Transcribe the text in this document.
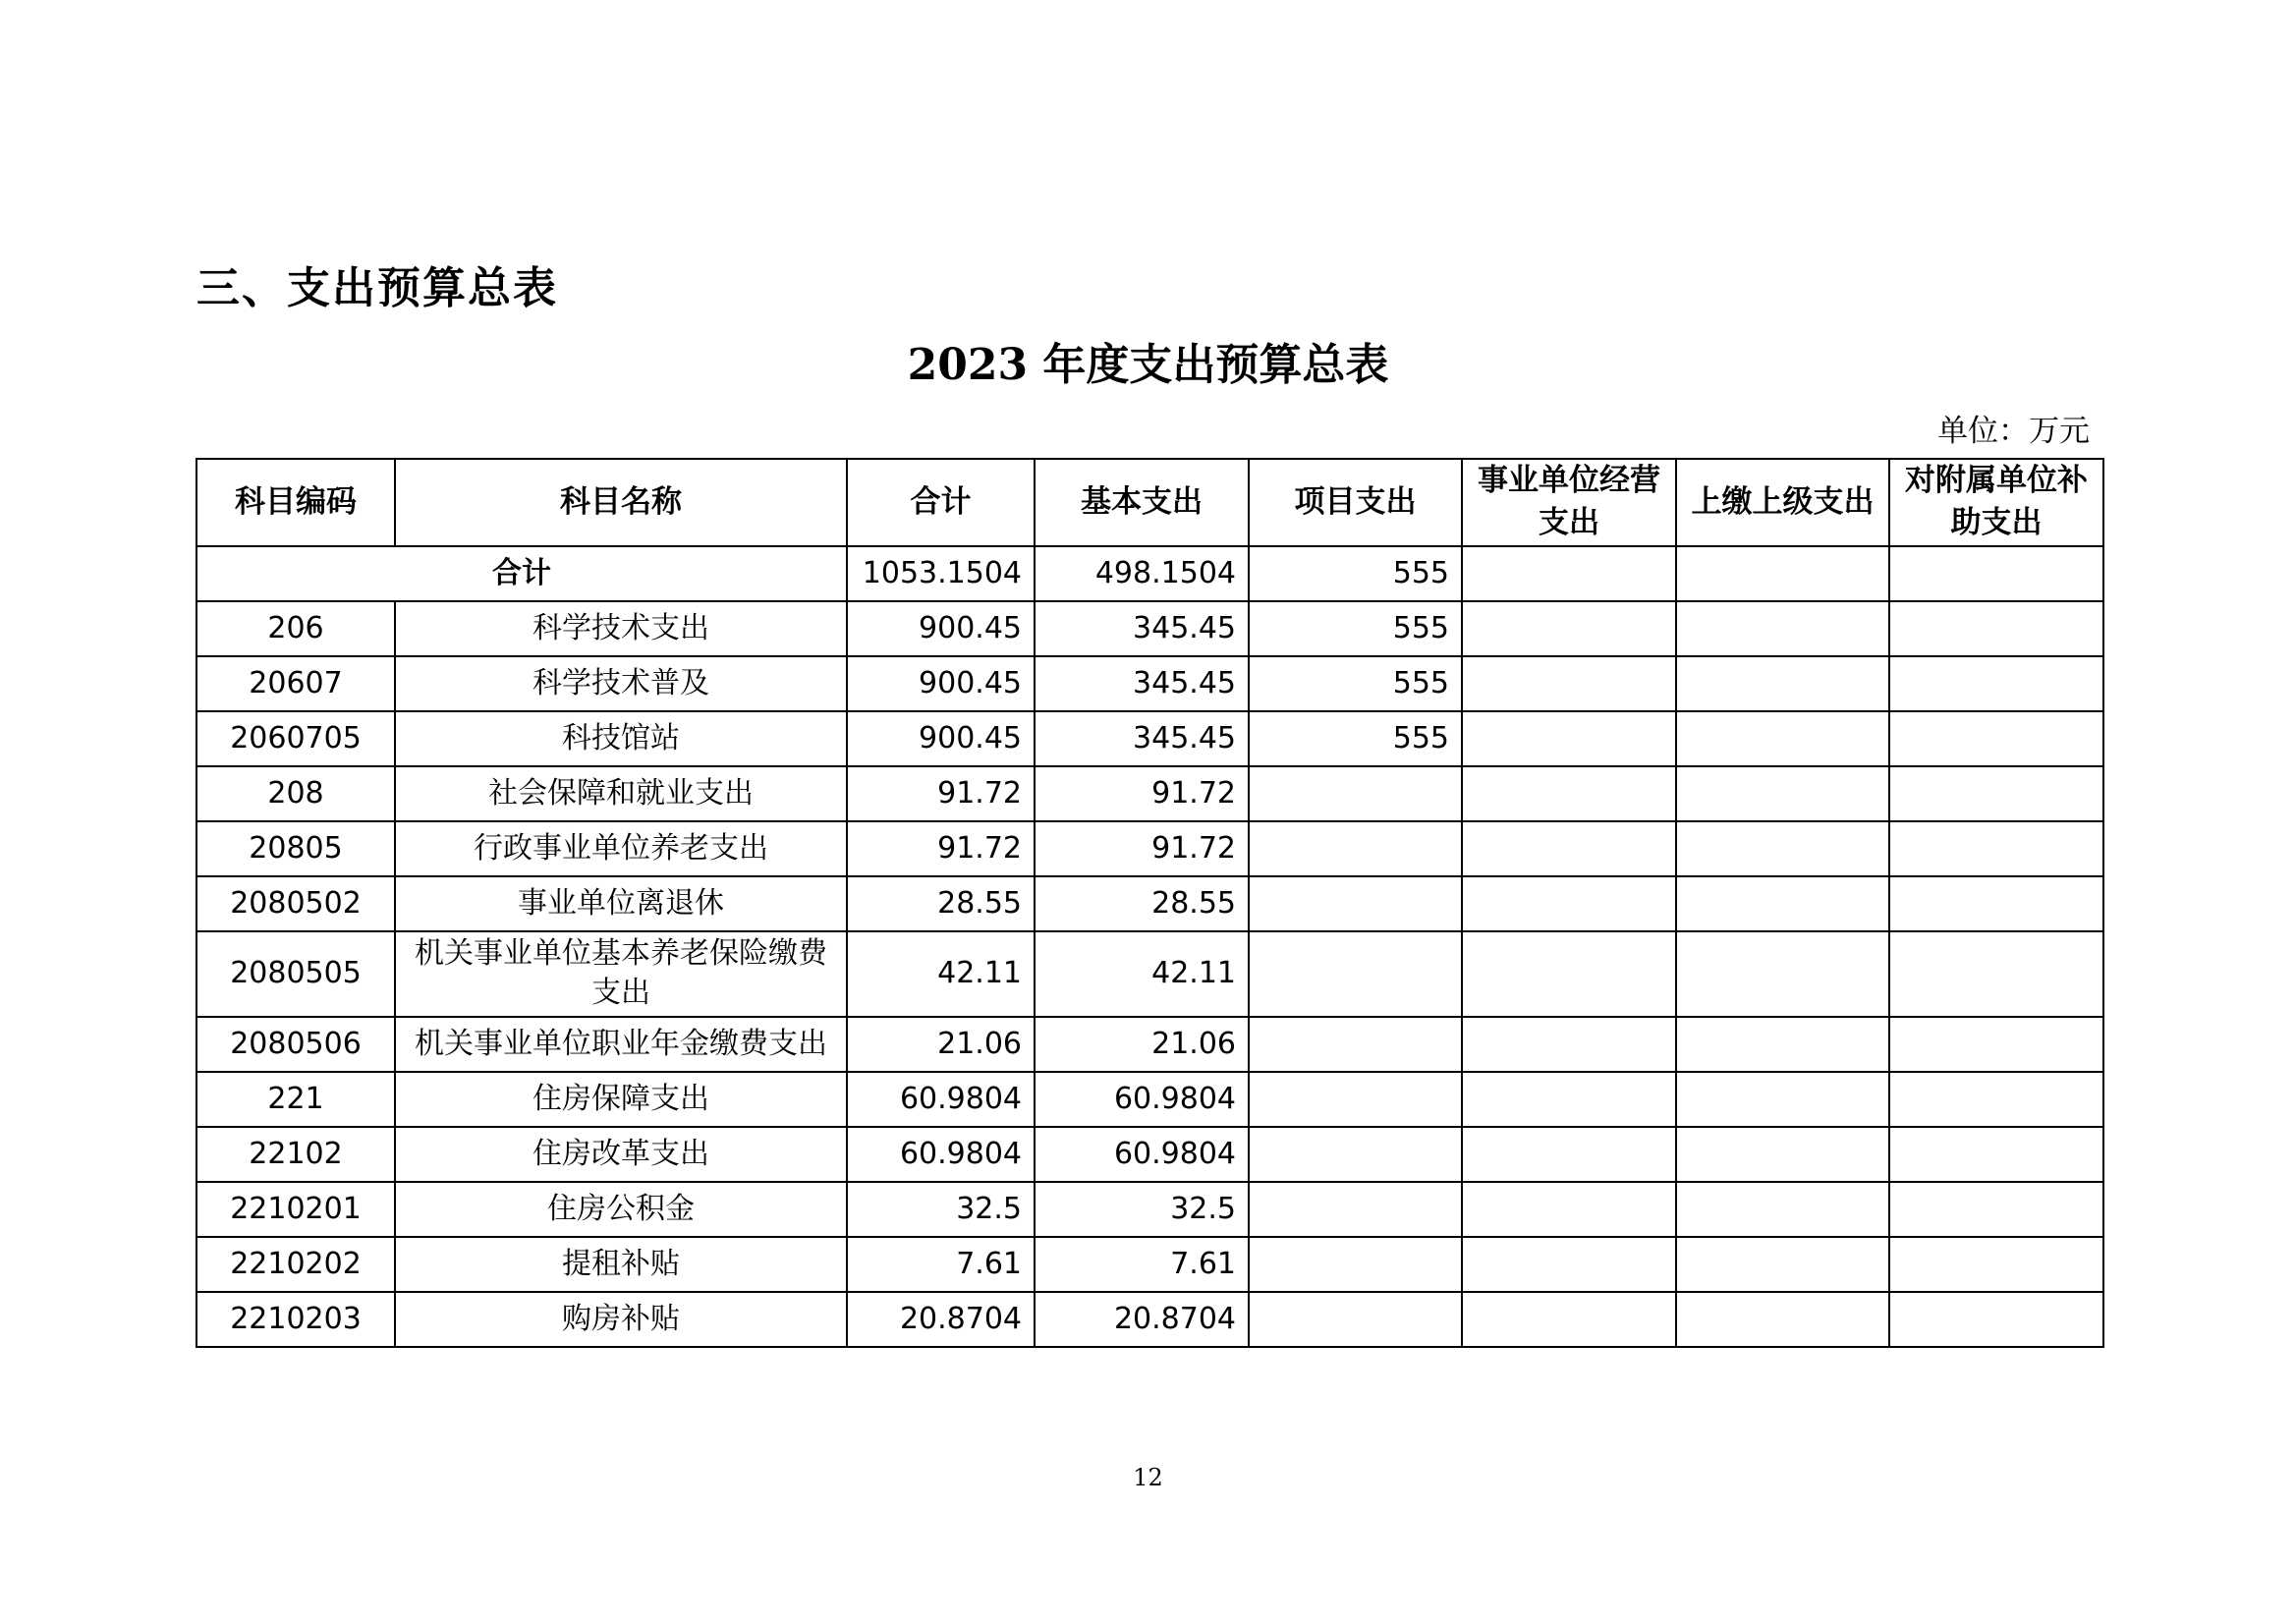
三、支出预算总表
2023 年度支出预算总表
单位：万元
科目编码	科目名称	合计	基本支出	项目支出	事业单位经营支出	上缴上级支出	对附属单位补助支出
合计		1053.1504	498.1504	555			
206	科学技术支出	900.45	345.45	555			
20607	科学技术普及	900.45	345.45	555			
2060705	科技馆站	900.45	345.45	555			
208	社会保障和就业支出	91.72	91.72				
20805	行政事业单位养老支出	91.72	91.72				
2080502	事业单位离退休	28.55	28.55				
2080505	机关事业单位基本养老保险缴费支出	42.11	42.11				
2080506	机关事业单位职业年金缴费支出	21.06	21.06				
221	住房保障支出	60.9804	60.9804				
22102	住房改革支出	60.9804	60.9804				
2210201	住房公积金	32.5	32.5				
2210202	提租补贴	7.61	7.61				
2210203	购房补贴	20.8704	20.8704				
12
